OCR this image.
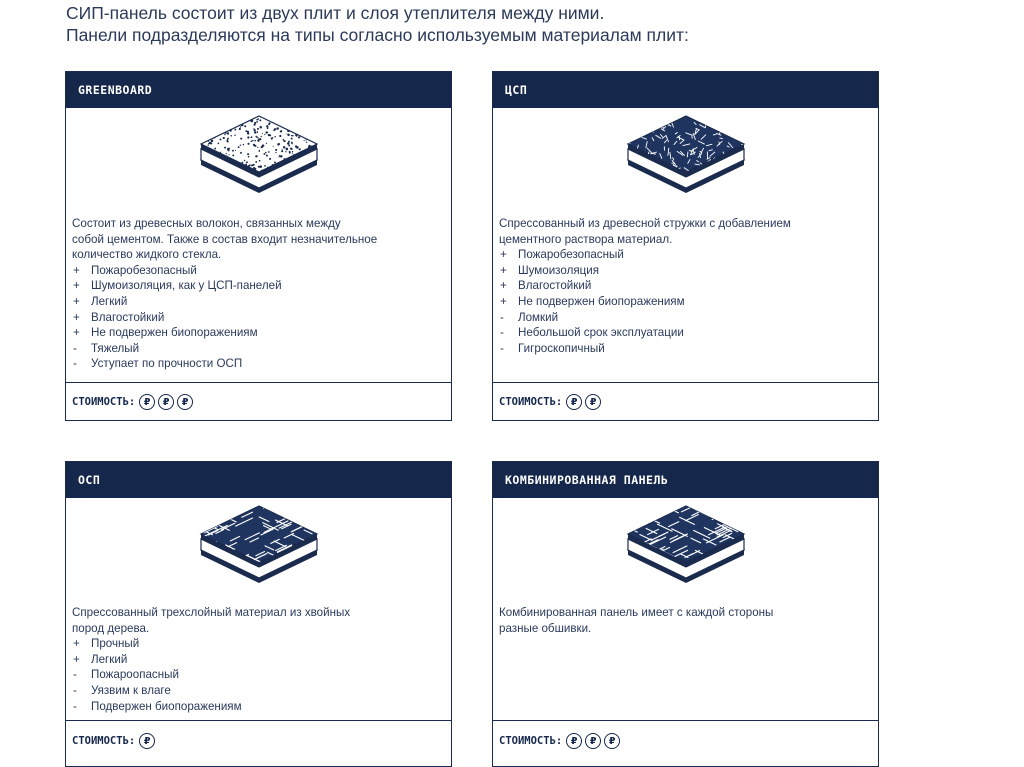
СИП-панель состоит из двух плит и слоя утеплителя между ними.
Панели подразделяются на типы согласно используемым материалам плит:
GREENBOARD

Состоит из древесных волокон, связанных между

собой цементом. Также в состав входит незначительное

количество жидкого стекла.

+ Пожаробезопасный
+ Шумоизоляция, как у ЦСП-панелей
+ Легкий
+ Влагостойкий
+ Не подвержен биопоражениям
-	Тяжелый
-	Уступает по прочности ОСП
СТОИМОСТЬ: ₽	₽	₽
ЦСП

Спрессованный из древесной стружки с добавлением

цементного раствора материал.

+ Пожаробезопасный
+ Шумоизоляция
+ Влагостойкий
+ Не подвержен биопоражениям
-	Ломкий
-	Небольшой срок эксплуатации
-	Гигроскопичный
СТОИМОСТЬ: ₽	₽
ОСП

Спрессованный трехслойный материал из хвойных

пород дерева.

+ Прочный
+ Легкий
-	Пожароопасный
-	Уязвим к влаге
-	Подвержен биопоражениям
СТОИМОСТЬ: ₽
КОМБИНИРОВАННАЯ ПАНЕЛЬ

Комбинированная панель имеет с каждой стороны

разные обшивки.

СТОИМОСТЬ: ₽	₽	₽
